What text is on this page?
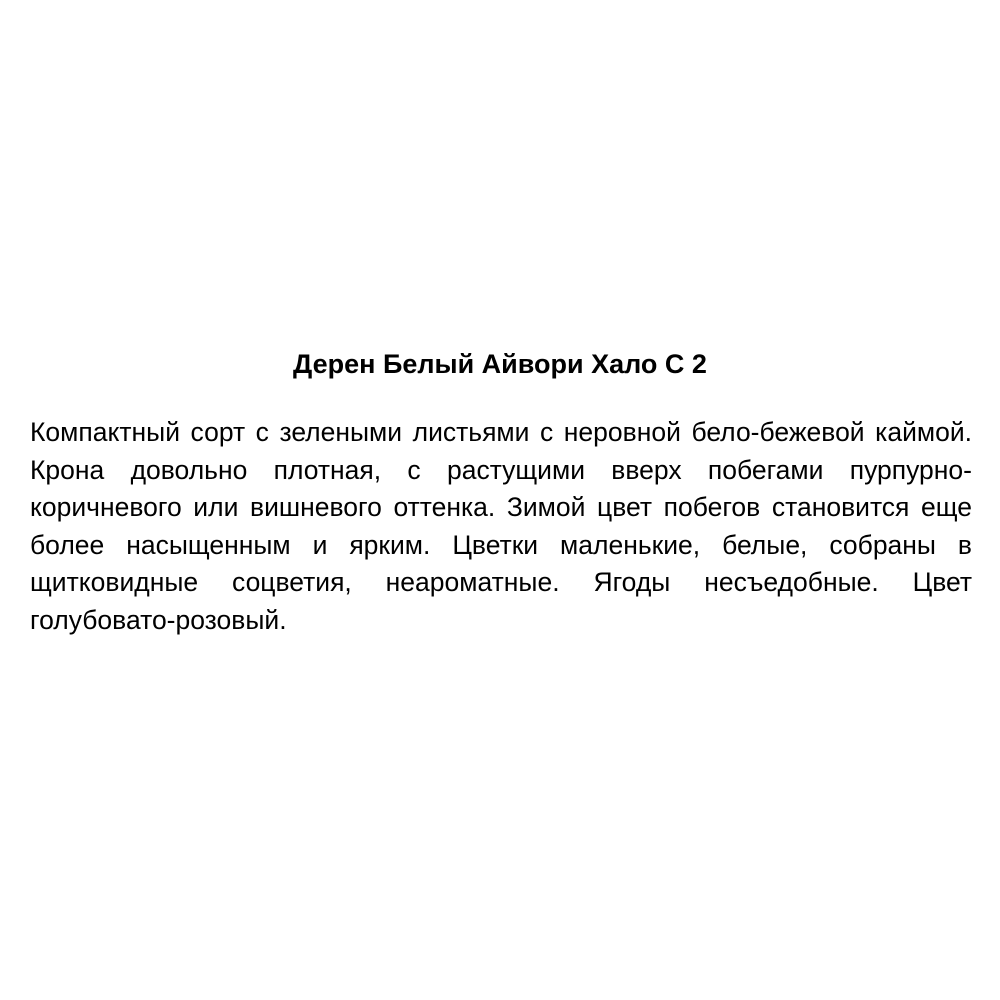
Дерен Белый Айвори Хало С 2

Компактный сорт с зелеными листьями с неровной бело-бежевой каймой. Крона довольно плотная, с растущими вверх побегами пурпурно-коричневого или вишневого оттенка. Зимой цвет побегов становится еще более насыщенным и ярким. Цветки маленькие, белые, собраны в щитковидные соцветия, неароматные. Ягоды несъедобные. Цвет голубовато-розовый.
